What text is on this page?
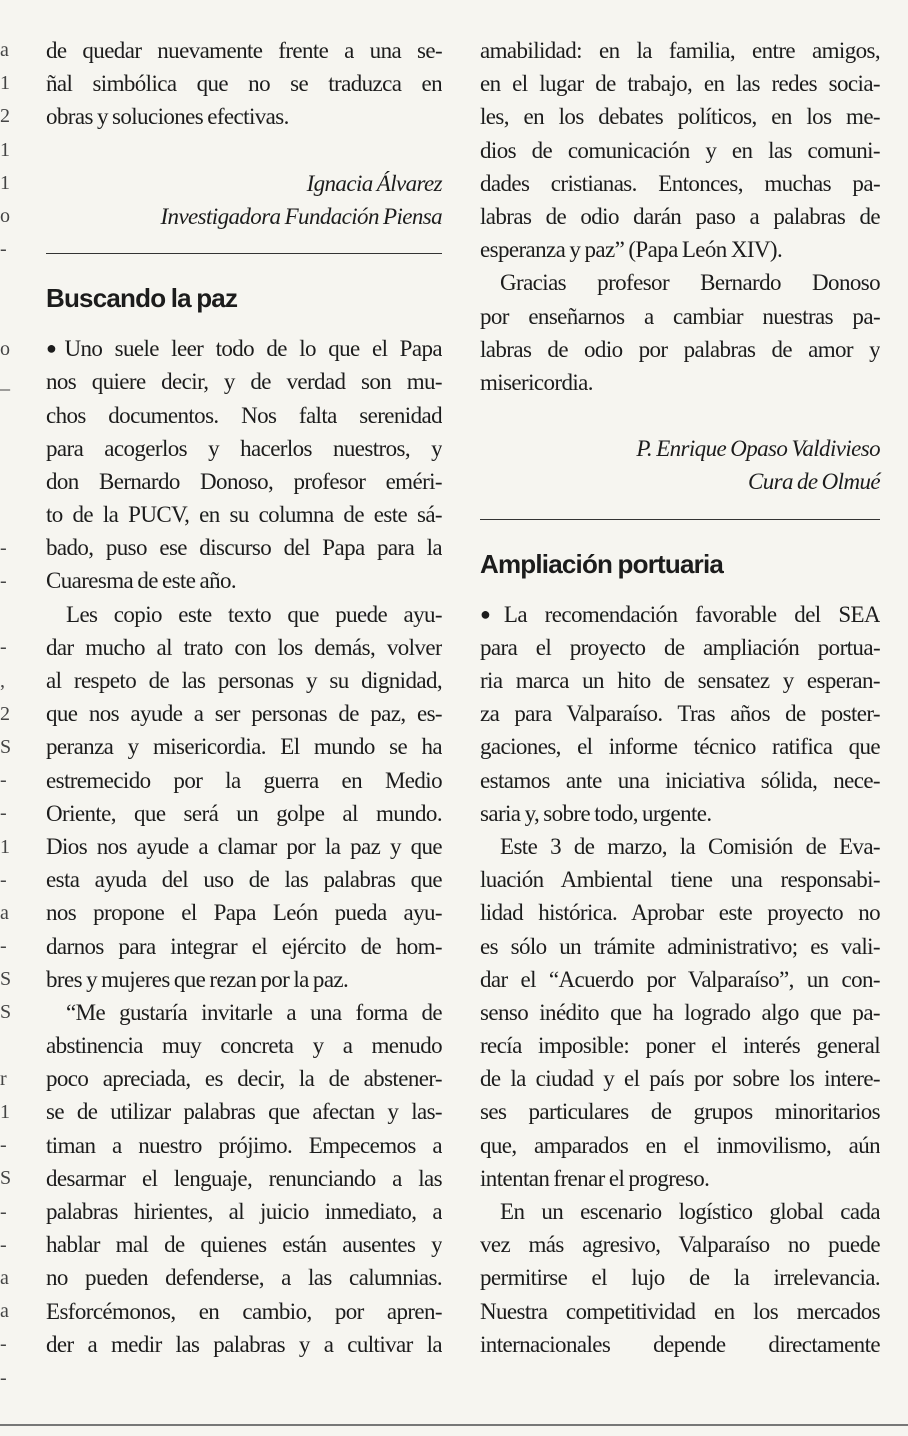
a
1
2
1
1
o
-
o
_
-
-
-
,
2
S
-
-
1
-
a
-
S
S
r
1
-
S
-
-
a
a
-
-
de quedar nuevamente frente a una se-
ñal simbólica que no se traduzca en
obras y soluciones efectivas.
Ignacia Álvarez
Investigadora Fundación Piensa
Buscando la paz
●Uno suele leer todo de lo que el Papa
nos quiere decir, y de verdad son mu-
chos documentos. Nos falta serenidad
para acogerlos y hacerlos nuestros, y
don Bernardo Donoso, profesor eméri-
to de la PUCV, en su columna de este sá-
bado, puso ese discurso del Papa para la
Cuaresma de este año.
Les copio este texto que puede ayu-
dar mucho al trato con los demás, volver
al respeto de las personas y su dignidad,
que nos ayude a ser personas de paz, es-
peranza y misericordia. El mundo se ha
estremecido por la guerra en Medio
Oriente, que será un golpe al mundo.
Dios nos ayude a clamar por la paz y que
esta ayuda del uso de las palabras que
nos propone el Papa León pueda ayu-
darnos para integrar el ejército de hom-
bres y mujeres que rezan por la paz.
“Me gustaría invitarle a una forma de
abstinencia muy concreta y a menudo
poco apreciada, es decir, la de abstener-
se de utilizar palabras que afectan y las-
timan a nuestro prójimo. Empecemos a
desarmar el lenguaje, renunciando a las
palabras hirientes, al juicio inmediato, a
hablar mal de quienes están ausentes y
no pueden defenderse, a las calumnias.
Esforcémonos, en cambio, por apren-
der a medir las palabras y a cultivar la
amabilidad: en la familia, entre amigos,
en el lugar de trabajo, en las redes socia-
les, en los debates políticos, en los me-
dios de comunicación y en las comuni-
dades cristianas. Entonces, muchas pa-
labras de odio darán paso a palabras de
esperanza y paz” (Papa León XIV).
Gracias profesor Bernardo Donoso
por enseñarnos a cambiar nuestras pa-
labras de odio por palabras de amor y
misericordia.
P. Enrique Opaso Valdivieso
Cura de Olmué
Ampliación portuaria
●La recomendación favorable del SEA
para el proyecto de ampliación portua-
ria marca un hito de sensatez y esperan-
za para Valparaíso. Tras años de poster-
gaciones, el informe técnico ratifica que
estamos ante una iniciativa sólida, nece-
saria y, sobre todo, urgente.
Este 3 de marzo, la Comisión de Eva-
luación Ambiental tiene una responsabi-
lidad histórica. Aprobar este proyecto no
es sólo un trámite administrativo; es vali-
dar el “Acuerdo por Valparaíso”, un con-
senso inédito que ha logrado algo que pa-
recía imposible: poner el interés general
de la ciudad y el país por sobre los intere-
ses particulares de grupos minoritarios
que, amparados en el inmovilismo, aún
intentan frenar el progreso.
En un escenario logístico global cada
vez más agresivo, Valparaíso no puede
permitirse el lujo de la irrelevancia.
Nuestra competitividad en los mercados
internacionales depende directamente
